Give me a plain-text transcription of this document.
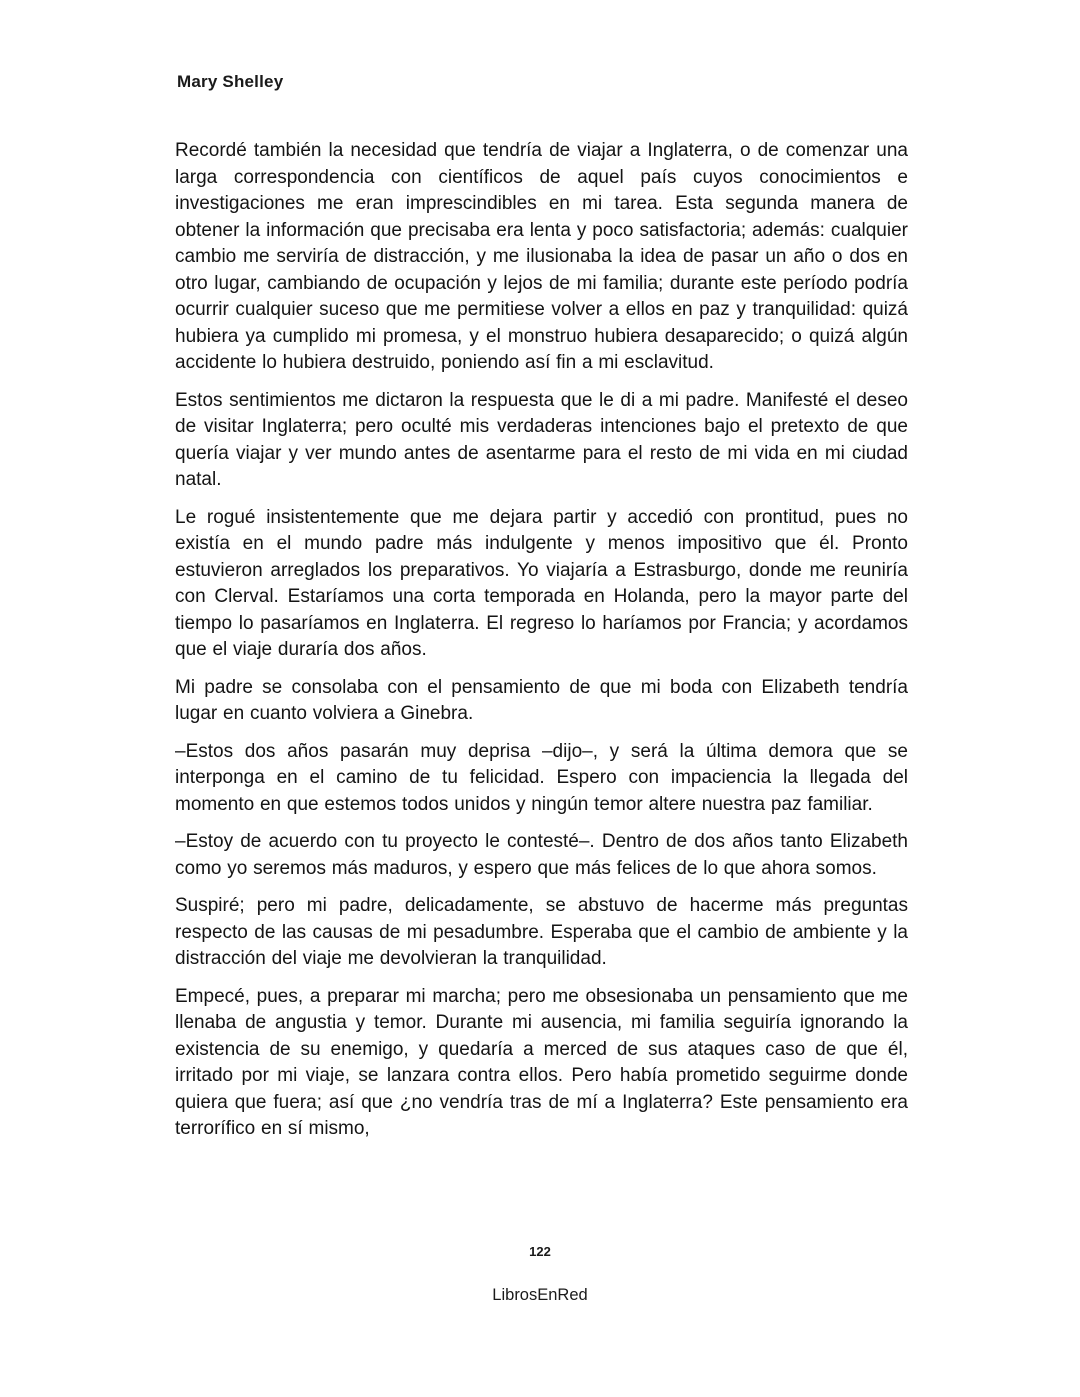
Mary Shelley

Recordé también la necesidad que tendría de viajar a Inglaterra, o de comenzar una larga correspondencia con científicos de aquel país cuyos conocimientos e investigaciones me eran imprescindibles en mi tarea. Esta segunda manera de obtener la información que precisaba era lenta y poco satisfactoria; además: cualquier cambio me serviría de distracción, y me ilusionaba la idea de pasar un año o dos en otro lugar, cambiando de ocupación y lejos de mi familia; durante este período podría ocurrir cualquier suceso que me permitiese volver a ellos en paz y tranquilidad: quizá hubiera ya cumplido mi promesa, y el monstruo hubiera desaparecido; o quizá algún accidente lo hubiera destruido, poniendo así fin a mi esclavitud.

Estos sentimientos me dictaron la respuesta que le di a mi padre. Manifesté el deseo de visitar Inglaterra; pero oculté mis verdaderas intenciones bajo el pretexto de que quería viajar y ver mundo antes de asentarme para el resto de mi vida en mi ciudad natal.

Le rogué insistentemente que me dejara partir y accedió con prontitud, pues no existía en el mundo padre más indulgente y menos impositivo que él. Pronto estuvieron arreglados los preparativos. Yo viajaría a Estrasburgo, donde me reuniría con Clerval. Estaríamos una corta temporada en Holanda, pero la mayor parte del tiempo lo pasaríamos en Inglaterra. El regreso lo haríamos por Francia; y acordamos que el viaje duraría dos años.

Mi padre se consolaba con el pensamiento de que mi boda con Elizabeth tendría lugar en cuanto volviera a Ginebra.

–Estos dos años pasarán muy deprisa –dijo–, y será la última demora que se interponga en el camino de tu felicidad. Espero con impaciencia la llegada del momento en que estemos todos unidos y ningún temor altere nuestra paz familiar.

–Estoy de acuerdo con tu proyecto le contesté–. Dentro de dos años tanto Elizabeth como yo seremos más maduros, y espero que más felices de lo que ahora somos.

Suspiré; pero mi padre, delicadamente, se abstuvo de hacerme más preguntas respecto de las causas de mi pesadumbre. Esperaba que el cambio de ambiente y la distracción del viaje me devolvieran la tranquilidad.

Empecé, pues, a preparar mi marcha; pero me obsesionaba un pensamiento que me llenaba de angustia y temor. Durante mi ausencia, mi familia seguiría ignorando la existencia de su enemigo, y quedaría a merced de sus ataques caso de que él, irritado por mi viaje, se lanzara contra ellos. Pero había prometido seguirme donde quiera que fuera; así que ¿no vendría tras de mí a Inglaterra? Este pensamiento era terrorífico en sí mismo,

122
LibrosEnRed
